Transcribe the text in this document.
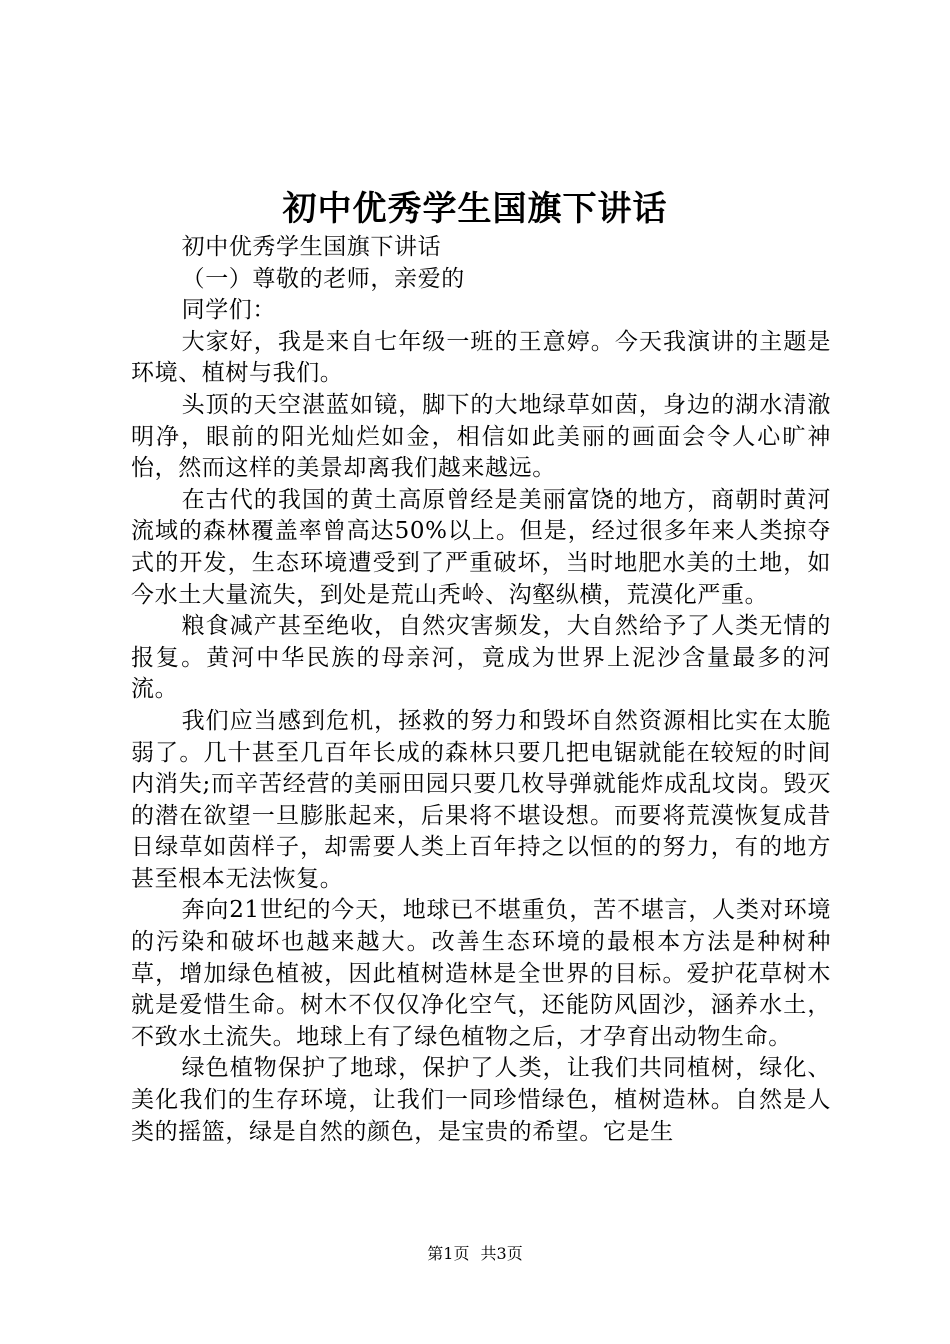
初中优秀学生国旗下讲话

初中优秀学生国旗下讲话

（一）尊敬的老师，亲爱的

同学们：

大家好，我是来自七年级一班的王意婷。今天我演讲的主题是环境、植树与我们。

头顶的天空湛蓝如镜，脚下的大地绿草如茵，身边的湖水清澈明净，眼前的阳光灿烂如金，相信如此美丽的画面会令人心旷神怡，然而这样的美景却离我们越来越远。

在古代的我国的黄土高原曾经是美丽富饶的地方，商朝时黄河流域的森林覆盖率曾高达50%以上。但是，经过很多年来人类掠夺式的开发，生态环境遭受到了严重破坏，当时地肥水美的土地，如今水土大量流失，到处是荒山秃岭、沟壑纵横，荒漠化严重。

粮食减产甚至绝收，自然灾害频发，大自然给予了人类无情的报复。黄河中华民族的母亲河，竟成为世界上泥沙含量最多的河流。

我们应当感到危机，拯救的努力和毁坏自然资源相比实在太脆弱了。几十甚至几百年长成的森林只要几把电锯就能在较短的时间内消失;而辛苦经营的美丽田园只要几枚导弹就能炸成乱坟岗。毁灭的潜在欲望一旦膨胀起来，后果将不堪设想。而要将荒漠恢复成昔日绿草如茵样子，却需要人类上百年持之以恒的的努力，有的地方甚至根本无法恢复。

奔向21世纪的今天，地球已不堪重负，苦不堪言，人类对环境的污染和破坏也越来越大。改善生态环境的最根本方法是种树种草，增加绿色植被，因此植树造林是全世界的目标。爱护花草树木就是爱惜生命。树木不仅仅净化空气，还能防风固沙，涵养水土，不致水土流失。地球上有了绿色植物之后，才孕育出动物生命。

绿色植物保护了地球，保护了人类，让我们共同植树，绿化、美化我们的生存环境，让我们一同珍惜绿色，植树造林。自然是人类的摇篮，绿是自然的颜色，是宝贵的希望。它是生

第1页 共3页
